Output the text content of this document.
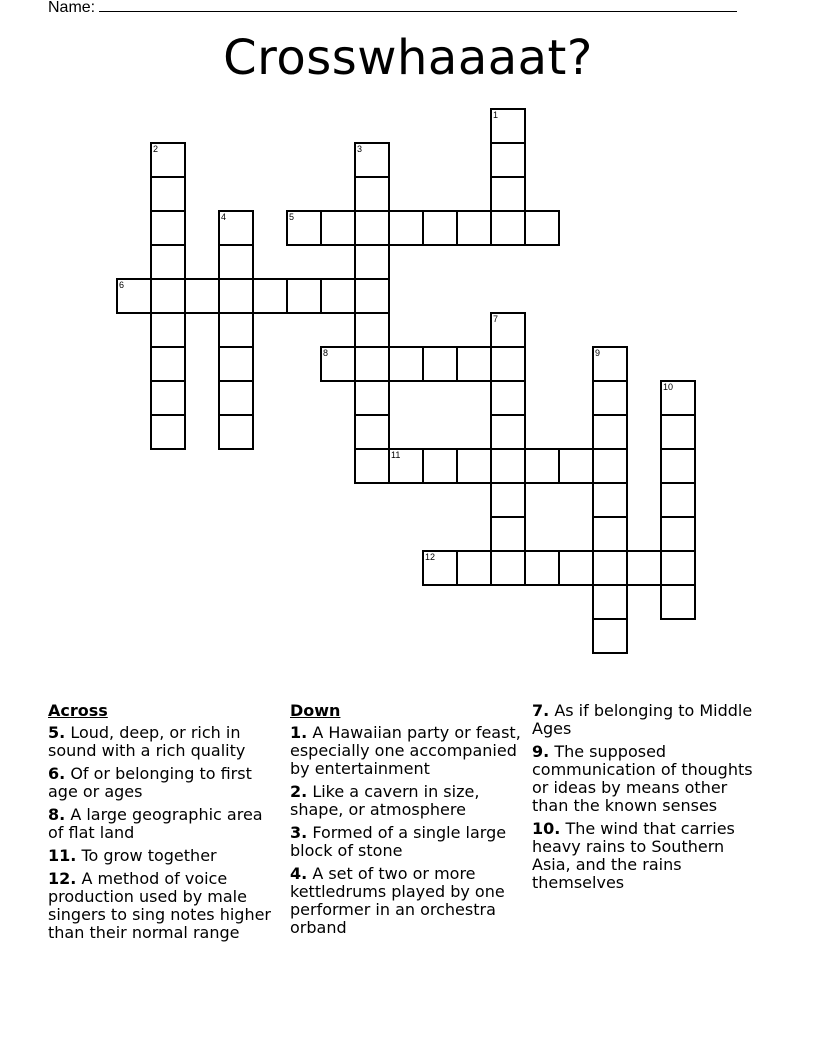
Name:
Crosswhaaaat?
1
2	3
4	5
6
7
8	9
10
11
12
Across
5. Loud, deep, or rich in sound with a rich quality
6. Of or belonging to first age or ages
8. A large geographic area of flat land
11. To grow together
12. A method of voice production used by male singers to sing notes higher than their normal range
Down
1. A Hawaiian party or feast, especially one accompanied by entertainment
2. Like a cavern in size, shape, or atmosphere
3. Formed of a single large block of stone
4. A set of two or more kettledrums played by one performer in an orchestra orband
7. As if belonging to Middle Ages
9. The supposed communication of thoughts or ideas by means other than the known senses
10. The wind that carries heavy rains to Southern Asia, and the rains themselves
